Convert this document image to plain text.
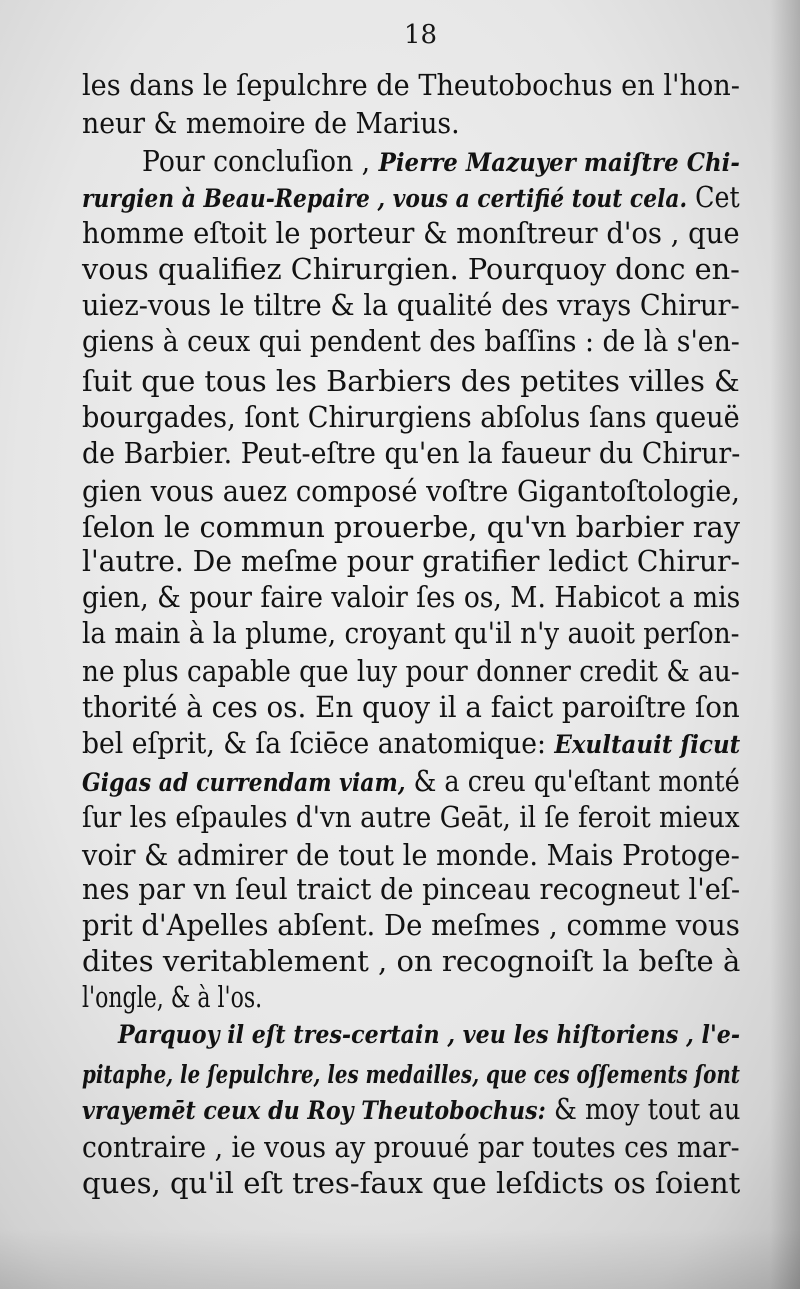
18
les dans le ſepulchre de Theutobochus en l'hon-
neur & memoire de Marius.
Pour concluſion , Pierre Mazuyer maiſtre Chi-
rurgien à Beau-Repaire , vous a certifié tout cela. Cet
homme eſtoit le porteur & monſtreur d'os , que
vous qualifiez Chirurgien. Pourquoy donc en-
uiez-vous le tiltre & la qualité des vrays Chirur-
giens à ceux qui pendent des baſſins : de là s'en-
ſuit que tous les Barbiers des petites villes &
bourgades, ſont Chirurgiens abſolus ſans queuë
de Barbier. Peut-eſtre qu'en la faueur du Chirur-
gien vous auez composé voſtre Gigantoſtologie,
ſelon le commun prouerbe, qu'vn barbier ray
l'autre. De meſme pour gratifier ledict Chirur-
gien, & pour faire valoir ſes os, M. Habicot a mis
la main à la plume, croyant qu'il n'y auoit perſon-
ne plus capable que luy pour donner credit & au-
thorité à ces os. En quoy il a faict paroiſtre ſon
bel eſprit, & ſa ſciēce anatomique: Exultauit ſicut
Gigas ad currendam viam, & a creu qu'eſtant monté
ſur les eſpaules d'vn autre Geāt, il ſe feroit mieux
voir & admirer de tout le monde. Mais Protoge-
nes par vn ſeul traict de pinceau recogneut l'eſ-
prit d'Apelles abſent. De meſmes , comme vous
dites veritablement , on recognoiſt la beſte à
l'ongle, & à l'os.
Parquoy il eſt tres-certain , veu les hiſtoriens , l'e-
pitaphe, le ſepulchre, les medailles, que ces oſſements ſont
vrayemēt ceux du Roy Theutobochus: & moy tout au
contraire , ie vous ay prouué par toutes ces mar-
ques, qu'il eſt tres-faux que leſdicts os ſoient
